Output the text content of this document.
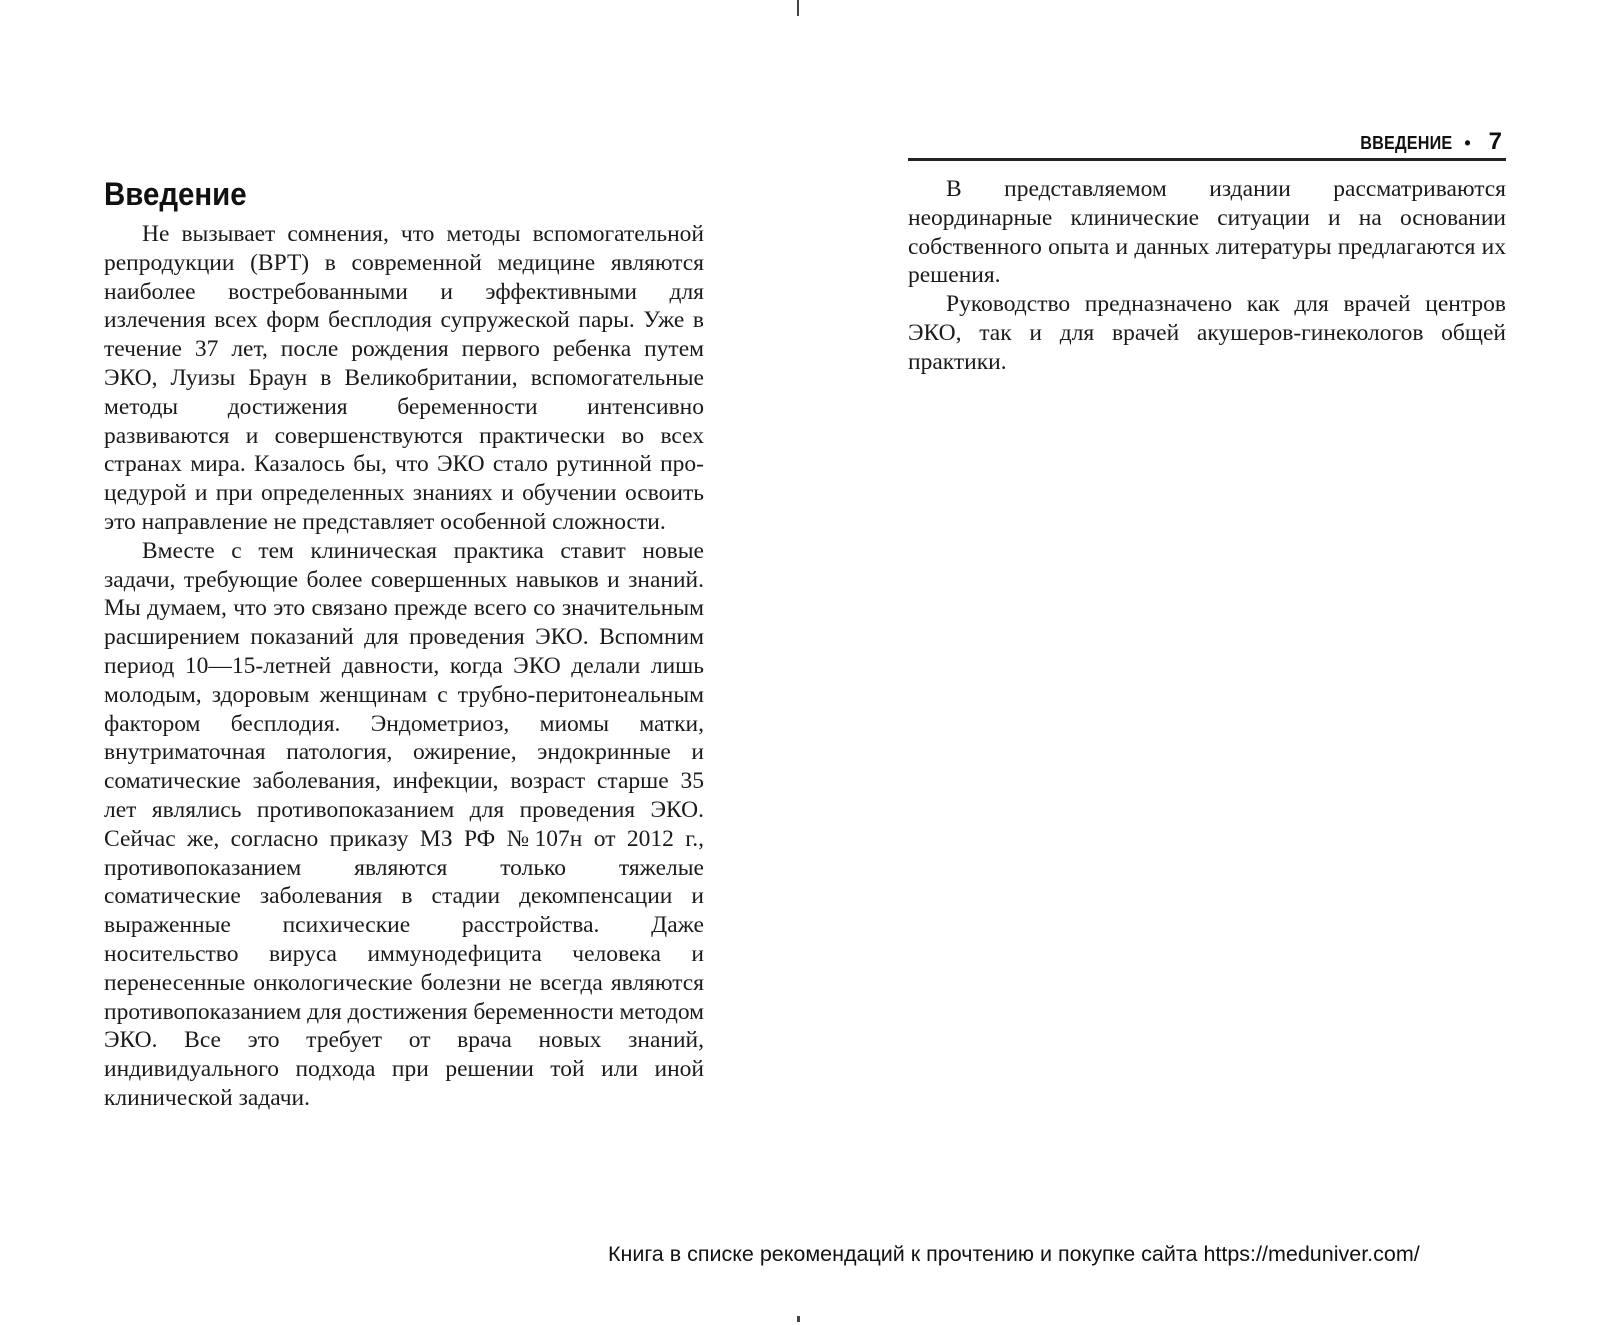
Введение

Не вызывает сомнения, что методы вспомогательной репродукции (ВРТ) в современной медицине являются наиболее востребованными и эффективными для излечения всех форм бесплодия супружеской пары. Уже в течение 37 лет, после рождения первого ребенка путем ЭКО, Луизы Браун в Великобритании, вспомогательные методы достижения беременности интенсивно развиваются и совершенствуются практически во всех странах мира. Казалось бы, что ЭКО стало рутинной процедурой и при определенных знаниях и обучении освоить это направление не представляет особенной сложности.

Вместе с тем клиническая практика ставит новые задачи, требующие более совершенных навыков и знаний. Мы думаем, что это связано прежде всего со значительным расширением показаний для проведения ЭКО. Вспомним период 10—15-летней давности, когда ЭКО делали лишь молодым, здоровым женщинам с трубно-перитонеальным фактором бесплодия. Эндометриоз, миомы матки, внутриматочная патология, ожирение, эндокринные и соматические заболевания, инфекции, возраст старше 35 лет являлись противопоказанием для проведения ЭКО. Сейчас же, согласно приказу МЗ РФ №107н от 2012 г., противопоказанием являются только тяжелые соматические заболевания в стадии декомпенсации и выраженные психические расстройства. Даже носительство вируса иммунодефицита человека и перенесенные онкологические болезни не всегда являются противопоказанием для достижения беременности методом ЭКО. Все это требует от врача новых знаний, индивидуального подхода при решении той или иной клинической задачи.

ВВЕДЕНИЕ • 7

В представляемом издании рассматриваются неординарные клинические ситуации и на основании собственного опыта и данных литературы предлагаются их решения.

Руководство предназначено как для врачей центров ЭКО, так и для врачей акушеров-гинекологов общей практики.

Книга в списке рекомендаций к прочтению и покупке сайта https://meduniver.com/
